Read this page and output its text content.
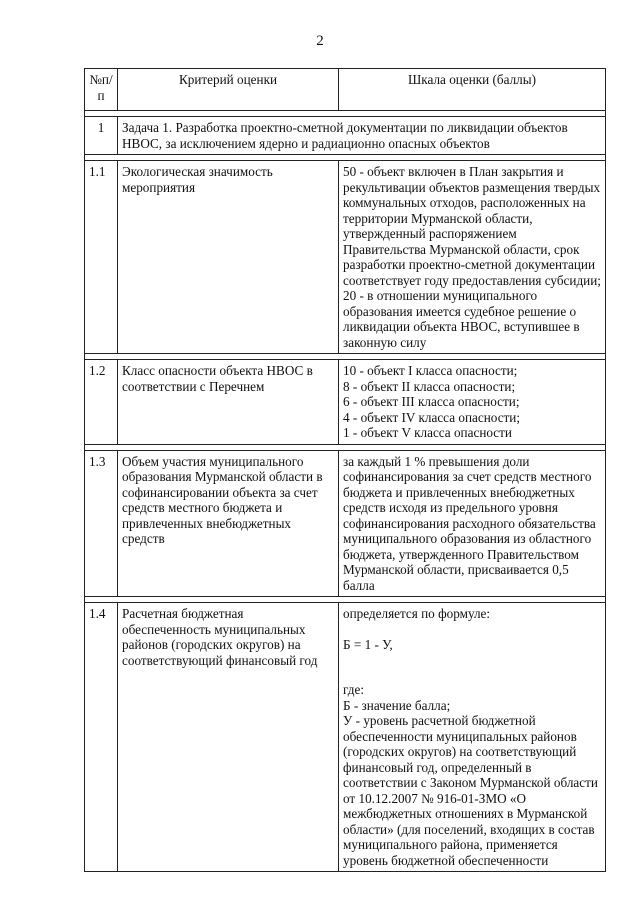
2
№п/п	Критерий оценки	Шкала оценки (баллы)

1	Задача 1. Разработка проектно-сметной документации по ликвидации объектов НВОС, за исключением ядерно и радиационно опасных объектов	

1.1	Экологическая значимость мероприятия	50 - объект включен в План закрытия и рекультивации объектов размещения твердых коммунальных отходов, расположенных на территории Мурманской области, утвержденный распоряжением Правительства Мурманской области, срок разработки проектно-сметной документации соответствует году предоставления субсидии;
20 - в отношении муниципального образования имеется судебное решение о ликвидации объекта НВОС, вступившее в законную силу

1.2	Класс опасности объекта НВОС в соответствии с Перечнем	10 - объект I класса опасности;
8 - объект II класса опасности;
6 - объект III класса опасности;
4 - объект IV класса опасности;
1 - объект V класса опасности

1.3	Объем участия муниципального образования Мурманской области в софинансировании объекта за счет средств местного бюджета и привлеченных внебюджетных средств	за каждый 1 % превышения доли софинансирования за счет средств местного бюджета и привлеченных внебюджетных средств исходя из предельного уровня софинансирования расходного обязательства муниципального образования из областного бюджета, утвержденного Правительством Мурманской области, присваивается 0,5 балла

1.4	Расчетная бюджетная обеспеченность муниципальных районов (городских округов) на соответствующий финансовый год	определяется по формуле:
Б = 1 - У,
где:
Б - значение балла;
У - уровень расчетной бюджетной обеспеченности муниципальных районов (городских округов) на соответствующий финансовый год, определенный в соответствии с Законом Мурманской области от 10.12.2007 № 916-01-ЗМО «О межбюджетных отношениях в Мурманской области» (для поселений, входящих в состав муниципального района, применяется уровень бюджетной обеспеченности
